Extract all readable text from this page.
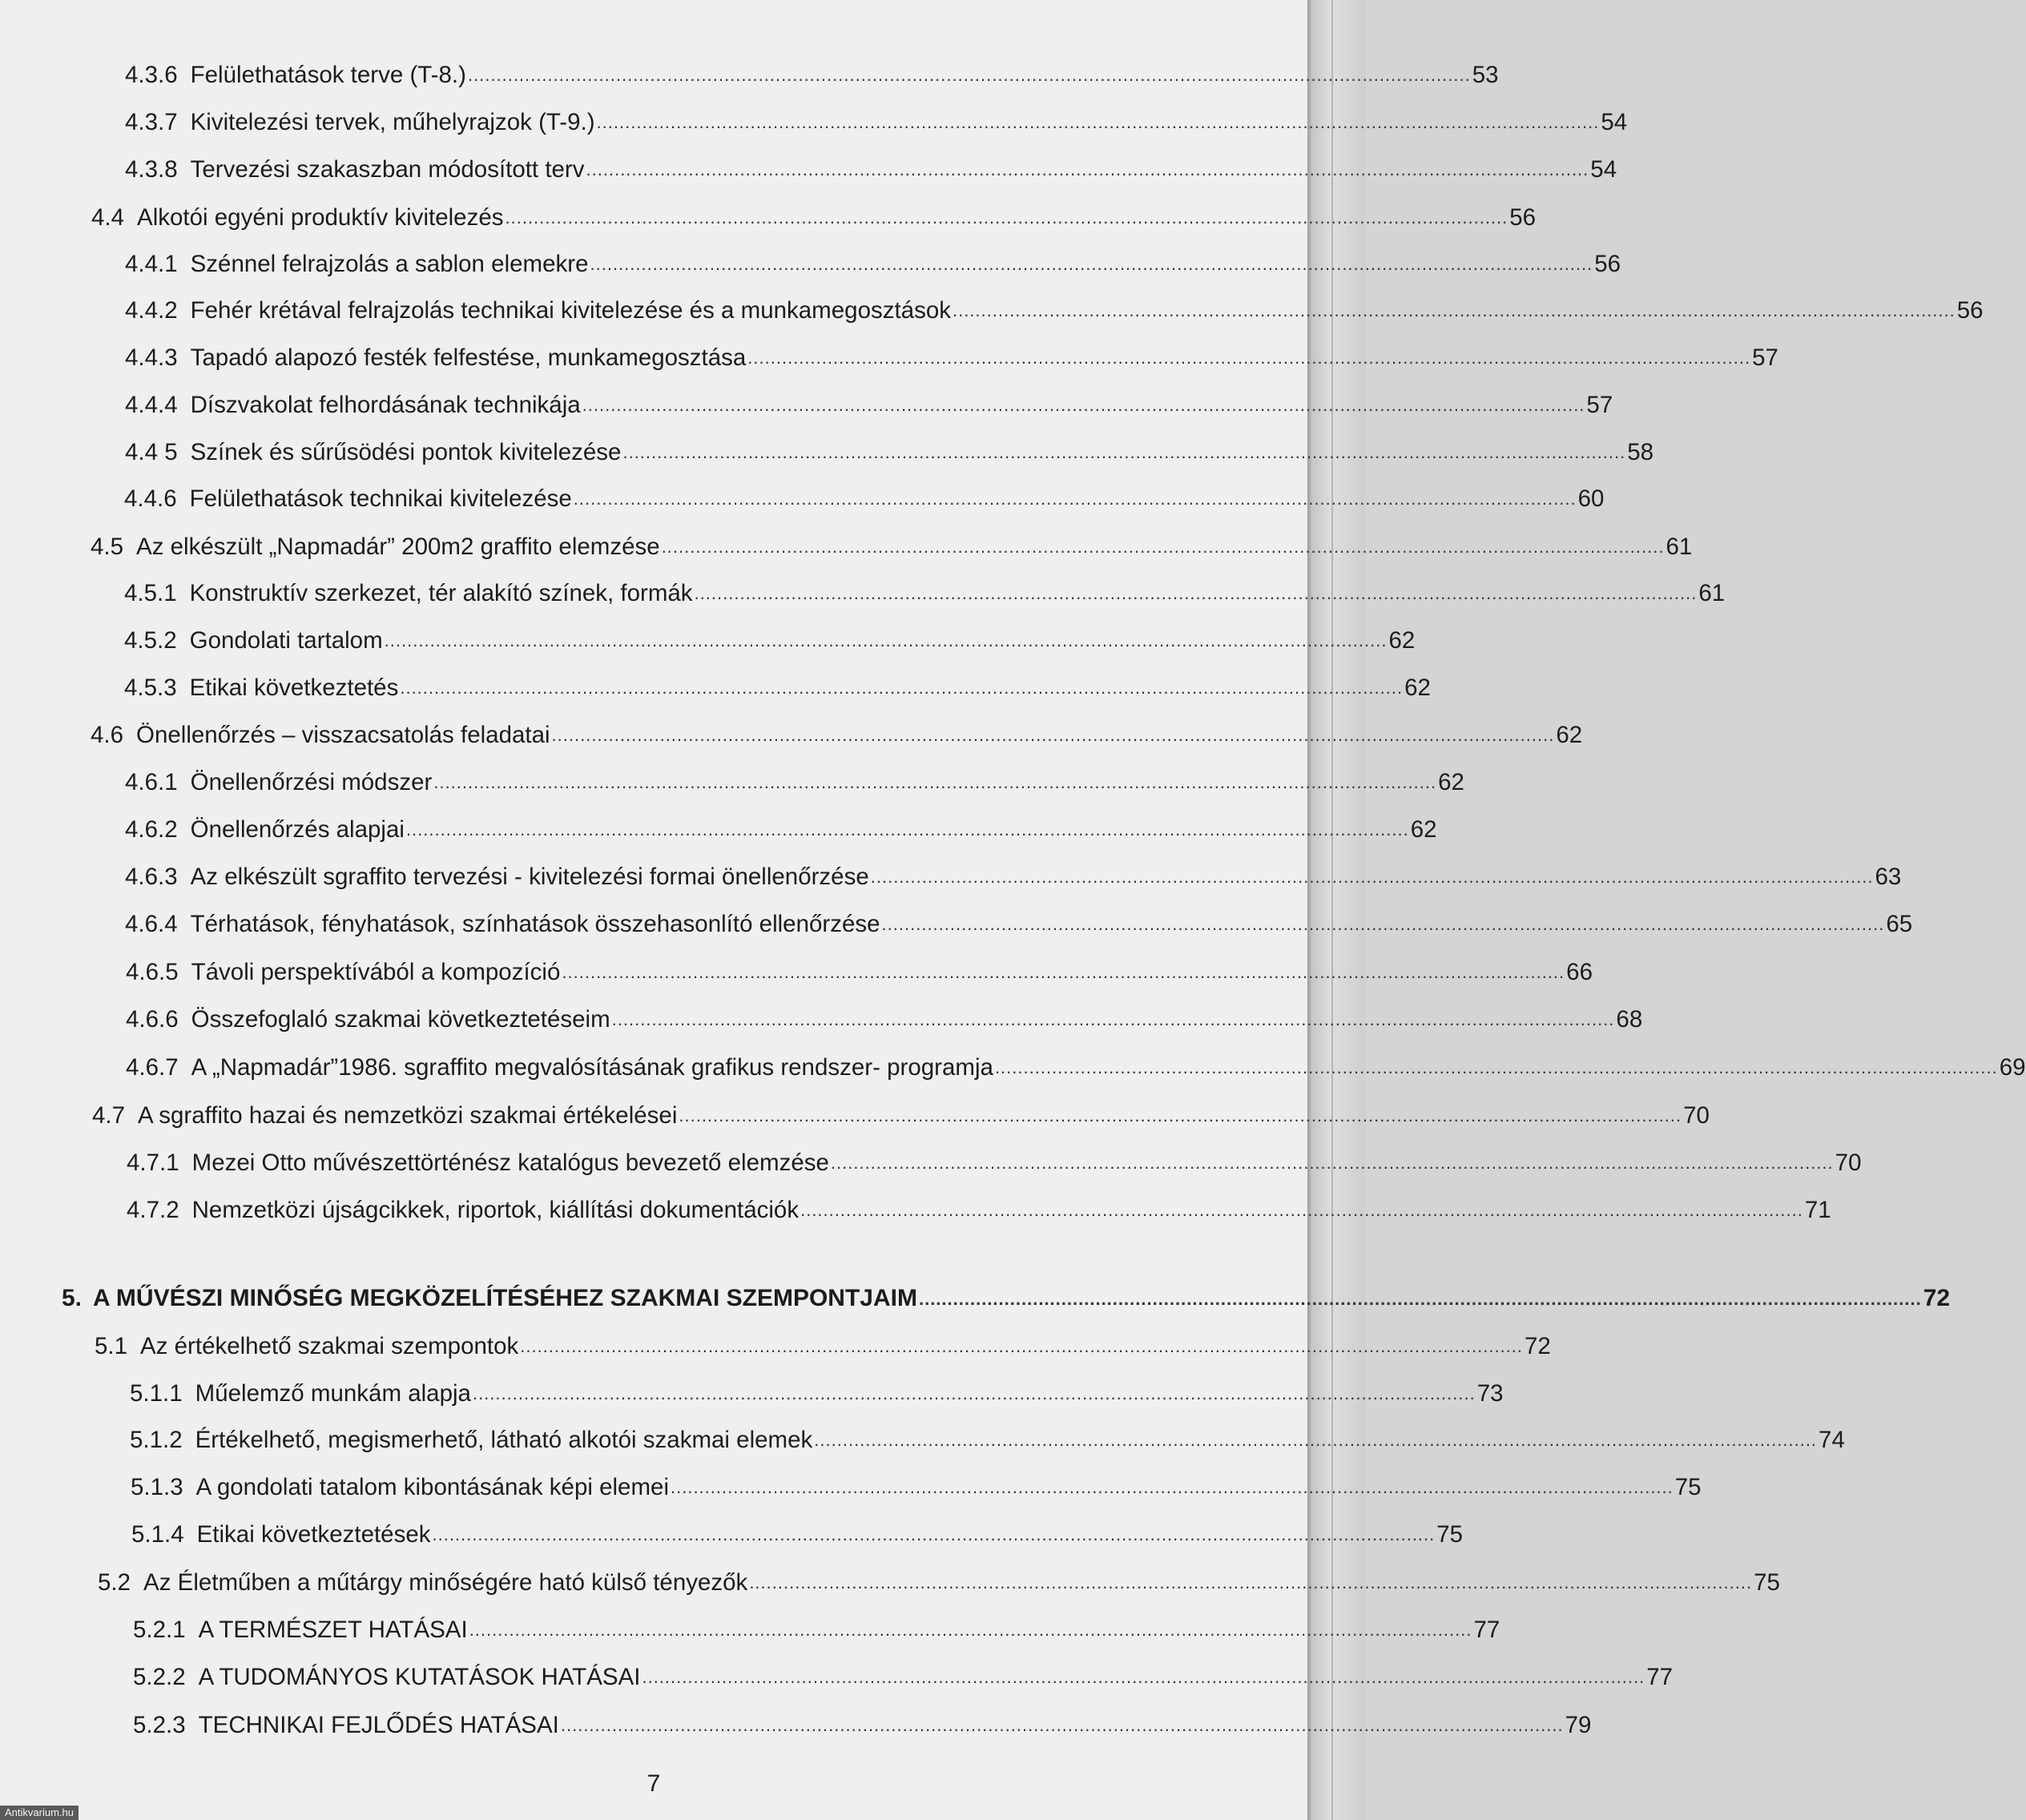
4.3.6 Felülethatások terve (T-8.) ................................................................................................................................................................................ 53
4.3.7 Kivitelezési tervek, műhelyrajzok (T-9.) ................................................................................................................................................................................ 54
4.3.8 Tervezési szakaszban módosított terv ................................................................................................................................................................................ 54
4.4 Alkotói egyéni produktív kivitelezés ................................................................................................................................................................................ 56
4.4.1 Szénnel felrajzolás a sablon elemekre ................................................................................................................................................................................ 56
4.4.2 Fehér krétával felrajzolás technikai kivitelezése és a munkamegosztások ................................................................................................................................................................................ 56
4.4.3 Tapadó alapozó festék felfestése, munkamegosztása ................................................................................................................................................................................ 57
4.4.4 Díszvakolat felhordásának technikája ................................................................................................................................................................................ 57
4.4 5 Színek és sűrűsödési pontok kivitelezése ................................................................................................................................................................................ 58
4.4.6 Felülethatások technikai kivitelezése ................................................................................................................................................................................ 60
4.5 Az elkészült „Napmadár” 200m2 graffito elemzése ................................................................................................................................................................................ 61
4.5.1 Konstruktív szerkezet, tér alakító színek, formák ................................................................................................................................................................................ 61
4.5.2 Gondolati tartalom ................................................................................................................................................................................ 62
4.5.3 Etikai következtetés ................................................................................................................................................................................ 62
4.6 Önellenőrzés – visszacsatolás feladatai ................................................................................................................................................................................ 62
4.6.1 Önellenőrzési módszer ................................................................................................................................................................................ 62
4.6.2 Önellenőrzés alapjai ................................................................................................................................................................................ 62
4.6.3 Az elkészült sgraffito tervezési - kivitelezési formai önellenőrzése ................................................................................................................................................................................ 63
4.6.4 Térhatások, fényhatások, színhatások összehasonlító ellenőrzése ................................................................................................................................................................................ 65
4.6.5 Távoli perspektívából a kompozíció ................................................................................................................................................................................ 66
4.6.6 Összefoglaló szakmai következtetéseim ................................................................................................................................................................................ 68
4.6.7 A „Napmadár”1986. sgraffito megvalósításának grafikus rendszer- programja ................................................................................................................................................................................ 69
4.7 A sgraffito hazai és nemzetközi szakmai értékelései ................................................................................................................................................................................ 70
4.7.1 Mezei Otto művészettörténész katalógus bevezető elemzése ................................................................................................................................................................................ 70
4.7.2 Nemzetközi újságcikkek, riportok, kiállítási dokumentációk ................................................................................................................................................................................ 71
5. A MŰVÉSZI MINŐSÉG MEGKÖZELÍTÉSÉHEZ SZAKMAI SZEMPONTJAIM ................................................................................................................................................................................ 72
5.1 Az értékelhető szakmai szempontok ................................................................................................................................................................................ 72
5.1.1 Műelemző munkám alapja ................................................................................................................................................................................ 73
5.1.2 Értékelhető, megismerhető, látható alkotói szakmai elemek ................................................................................................................................................................................ 74
5.1.3 A gondolati tatalom kibontásának képi elemei ................................................................................................................................................................................ 75
5.1.4 Etikai következtetések ................................................................................................................................................................................ 75
5.2 Az Életműben a műtárgy minőségére ható külső tényezők ................................................................................................................................................................................ 75
5.2.1 A TERMÉSZET HATÁSAI ................................................................................................................................................................................ 77
5.2.2 A TUDOMÁNYOS KUTATÁSOK HATÁSAI ................................................................................................................................................................................ 77
5.2.3 TECHNIKAI FEJLŐDÉS HATÁSAI ................................................................................................................................................................................ 79
7
Antikvarium.hu
